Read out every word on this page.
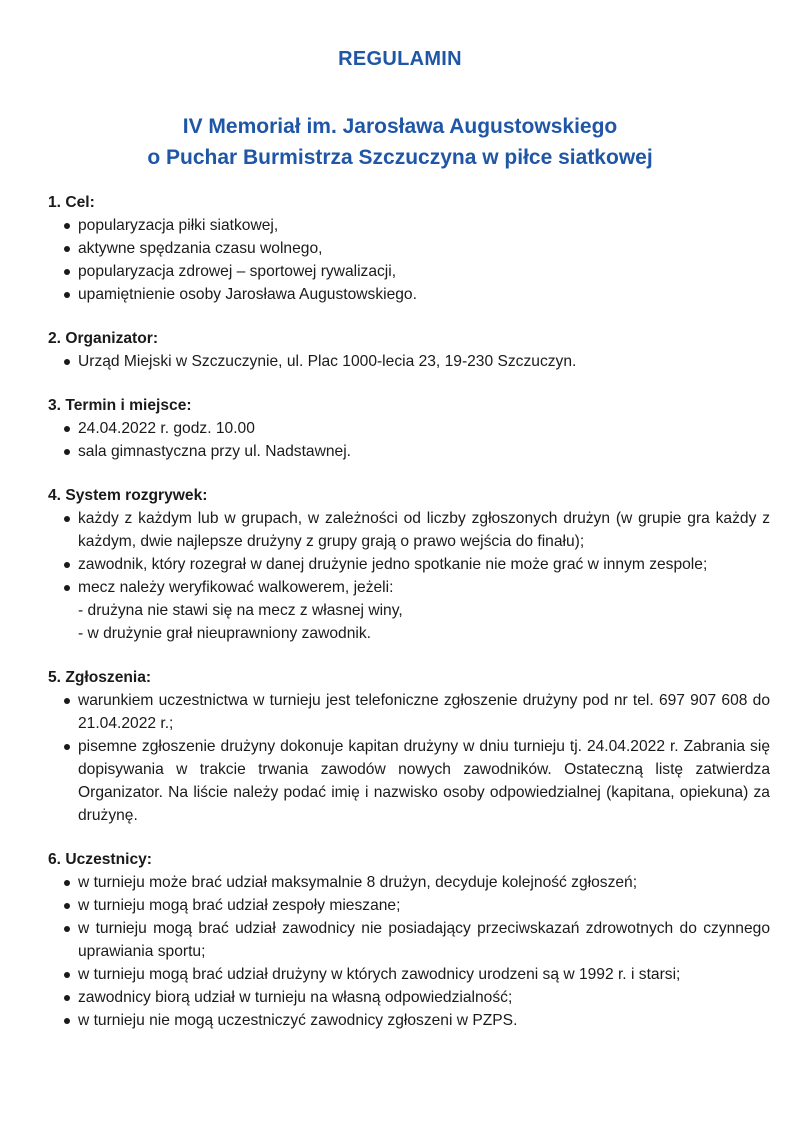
REGULAMIN
IV Memoriał im. Jarosława Augustowskiego
o Puchar Burmistrza Szczuczyna w piłce siatkowej

1. Cel:

popularyzacja piłki siatkowej,
aktywne spędzania czasu wolnego,
popularyzacja zdrowej – sportowej rywalizacji,
upamiętnienie osoby Jarosława Augustowskiego.

2. Organizator:

Urząd Miejski w Szczuczynie, ul. Plac 1000-lecia 23, 19-230 Szczuczyn.

3. Termin i miejsce:

24.04.2022 r. godz. 10.00
sala gimnastyczna przy ul. Nadstawnej.

4. System rozgrywek:

każdy z każdym lub w grupach, w zależności od liczby zgłoszonych drużyn (w grupie gra każdy z każdym, dwie najlepsze drużyny z grupy grają o prawo wejścia do finału);
zawodnik, który rozegrał w danej drużynie jedno spotkanie nie może grać w innym zespole;
mecz należy weryfikować walkowerem, jeżeli:

- drużyna nie stawi się na mecz z własnej winy,

- w drużynie grał nieuprawniony zawodnik.

5. Zgłoszenia:

warunkiem uczestnictwa w turnieju jest telefoniczne zgłoszenie drużyny pod nr tel. 697 907 608 do 21.04.2022 r.;
pisemne zgłoszenie drużyny dokonuje kapitan drużyny w dniu turnieju tj. 24.04.2022 r. Zabrania się dopisywania w trakcie trwania zawodów nowych zawodników. Ostateczną listę zatwierdza Organizator. Na liście należy podać imię i nazwisko osoby odpowiedzialnej (kapitana, opiekuna) za drużynę.

6. Uczestnicy:

w turnieju może brać udział maksymalnie 8 drużyn, decyduje kolejność zgłoszeń;
w turnieju mogą brać udział zespoły mieszane;
w turnieju mogą brać udział zawodnicy nie posiadający przeciwskazań zdrowotnych do czynnego uprawiania sportu;
w turnieju mogą brać udział drużyny w których zawodnicy urodzeni są w 1992 r. i starsi;
zawodnicy biorą udział w turnieju na własną odpowiedzialność;
w turnieju nie mogą uczestniczyć zawodnicy zgłoszeni w PZPS.
